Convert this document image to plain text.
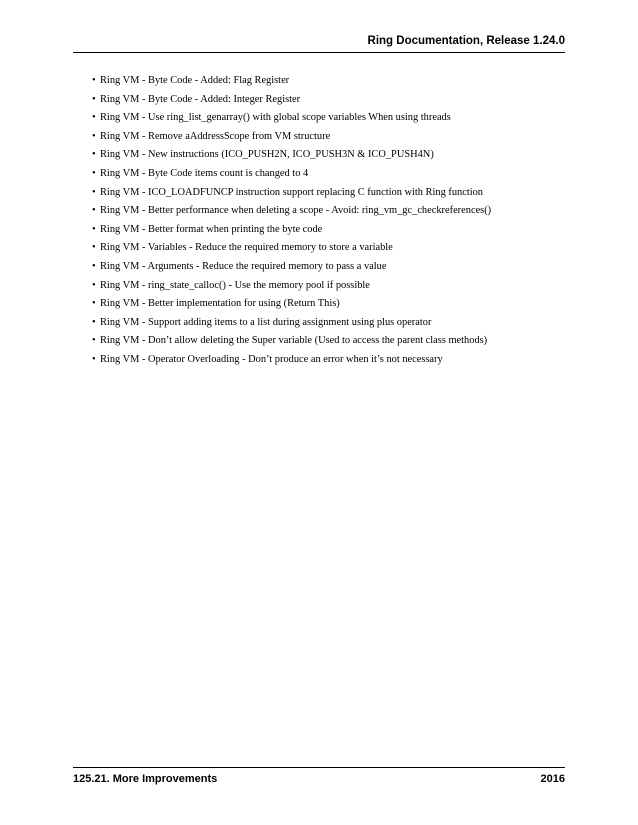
Ring Documentation, Release 1.24.0
• Ring VM - Byte Code - Added: Flag Register
• Ring VM - Byte Code - Added: Integer Register
• Ring VM - Use ring_list_genarray() with global scope variables When using threads
• Ring VM - Remove aAddressScope from VM structure
• Ring VM - New instructions (ICO_PUSH2N, ICO_PUSH3N & ICO_PUSH4N)
• Ring VM - Byte Code items count is changed to 4
• Ring VM - ICO_LOADFUNCP instruction support replacing C function with Ring function
• Ring VM - Better performance when deleting a scope - Avoid: ring_vm_gc_checkreferences()
• Ring VM - Better format when printing the byte code
• Ring VM - Variables - Reduce the required memory to store a variable
• Ring VM - Arguments - Reduce the required memory to pass a value
• Ring VM - ring_state_calloc() - Use the memory pool if possible
• Ring VM - Better implementation for using (Return This)
• Ring VM - Support adding items to a list during assignment using plus operator
• Ring VM - Don’t allow deleting the Super variable (Used to access the parent class methods)
• Ring VM - Operator Overloading - Don’t produce an error when it’s not necessary
125.21. More Improvements	2016
